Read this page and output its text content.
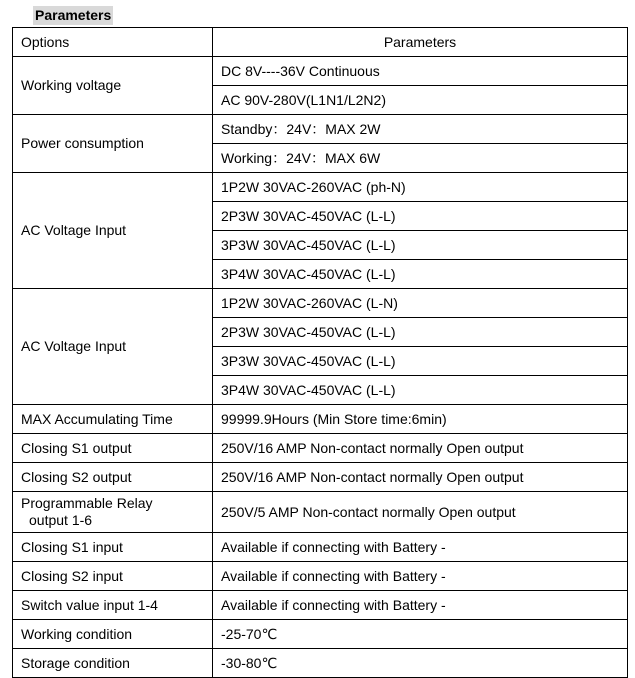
Parameters
Options	Parameters
Working voltage	DC 8V----36V Continuous
	AC 90V-280V(L1N1/L2N2)
Power consumption	Standby：24V：MAX 2W
	Working：24V：MAX 6W
AC Voltage Input	1P2W 30VAC-260VAC (ph-N)
	2P3W 30VAC-450VAC (L-L)
	3P3W 30VAC-450VAC (L-L)
	3P4W 30VAC-450VAC (L-L)
AC Voltage Input	1P2W 30VAC-260VAC (L-N)
	2P3W 30VAC-450VAC (L-L)
	3P3W 30VAC-450VAC (L-L)
	3P4W 30VAC-450VAC (L-L)
MAX Accumulating Time	99999.9Hours (Min Store time:6min)
Closing S1 output	250V/16 AMP Non-contact normally Open output
Closing S2 output	250V/16 AMP Non-contact normally Open output
Programmable Relay
output 1-6	250V/5 AMP Non-contact normally Open output
Closing S1 input	Available if connecting with Battery -
Closing S2 input	Available if connecting with Battery -
Switch value input 1-4	Available if connecting with Battery -
Working condition	-25-70℃
Storage condition	-30-80℃
